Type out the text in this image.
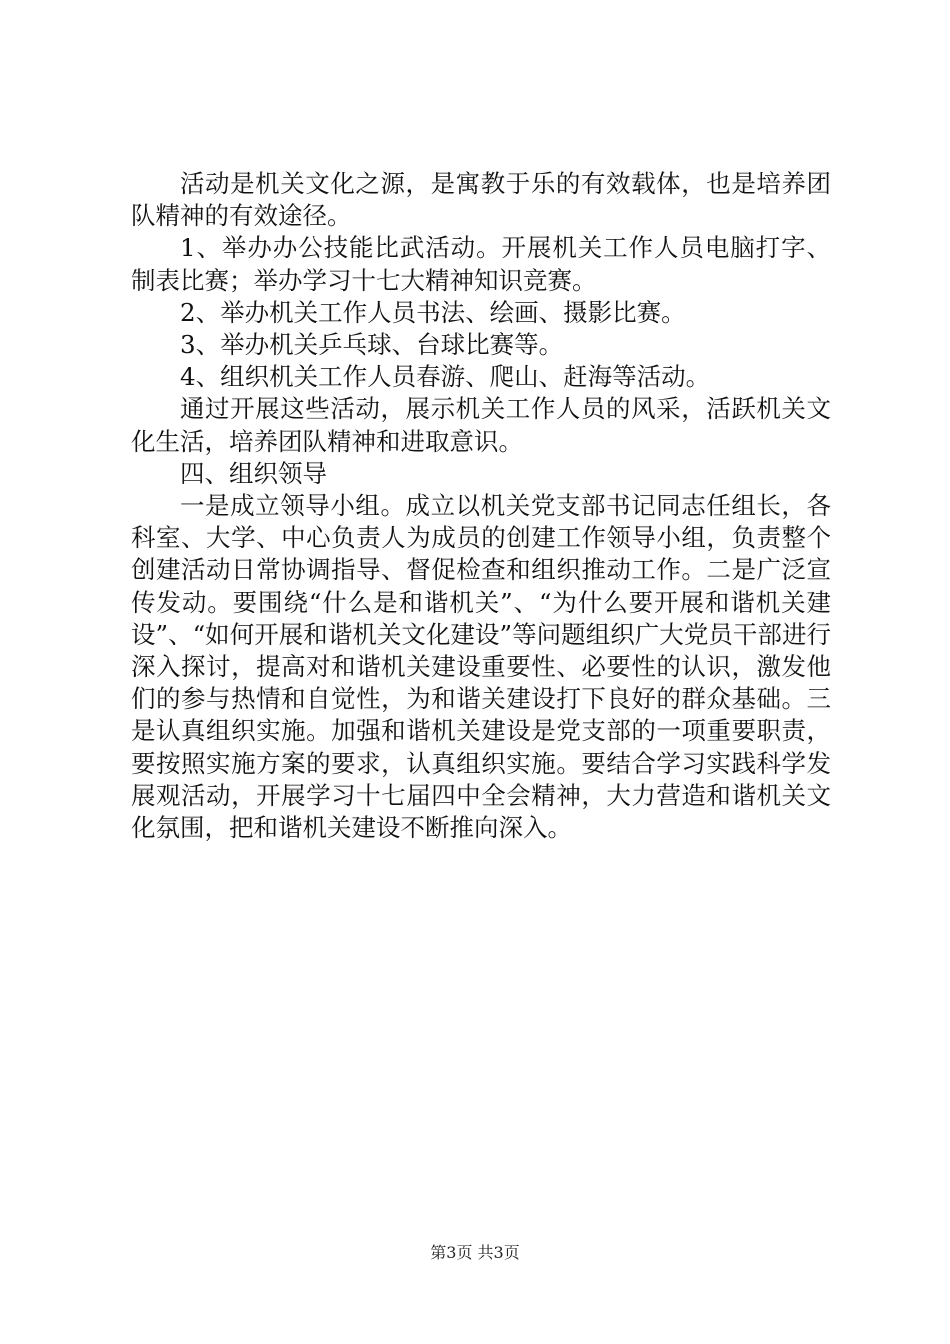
活动是机关文化之源，是寓教于乐的有效载体，也是培养团队精神的有效途径。

1、举办办公技能比武活动。开展机关工作人员电脑打字、制表比赛；举办学习十七大精神知识竞赛。

2、举办机关工作人员书法、绘画、摄影比赛。

3、举办机关乒乓球、台球比赛等。

4、组织机关工作人员春游、爬山、赶海等活动。

通过开展这些活动，展示机关工作人员的风采，活跃机关文化生活，培养团队精神和进取意识。

四、组织领导

一是成立领导小组。成立以机关党支部书记同志任组长，各科室、大学、中心负责人为成员的创建工作领导小组，负责整个创建活动日常协调指导、督促检查和组织推动工作。二是广泛宣传发动。要围绕“什么是和谐机关”、“为什么要开展和谐机关建设”、“如何开展和谐机关文化建设”等问题组织广大党员干部进行深入探讨，提高对和谐机关建设重要性、必要性的认识，激发他们的参与热情和自觉性，为和谐关建设打下良好的群众基础。三是认真组织实施。加强和谐机关建设是党支部的一项重要职责，要按照实施方案的要求，认真组织实施。要结合学习实践科学发展观活动，开展学习十七届四中全会精神，大力营造和谐机关文化氛围，把和谐机关建设不断推向深入。

第3页 共3页
